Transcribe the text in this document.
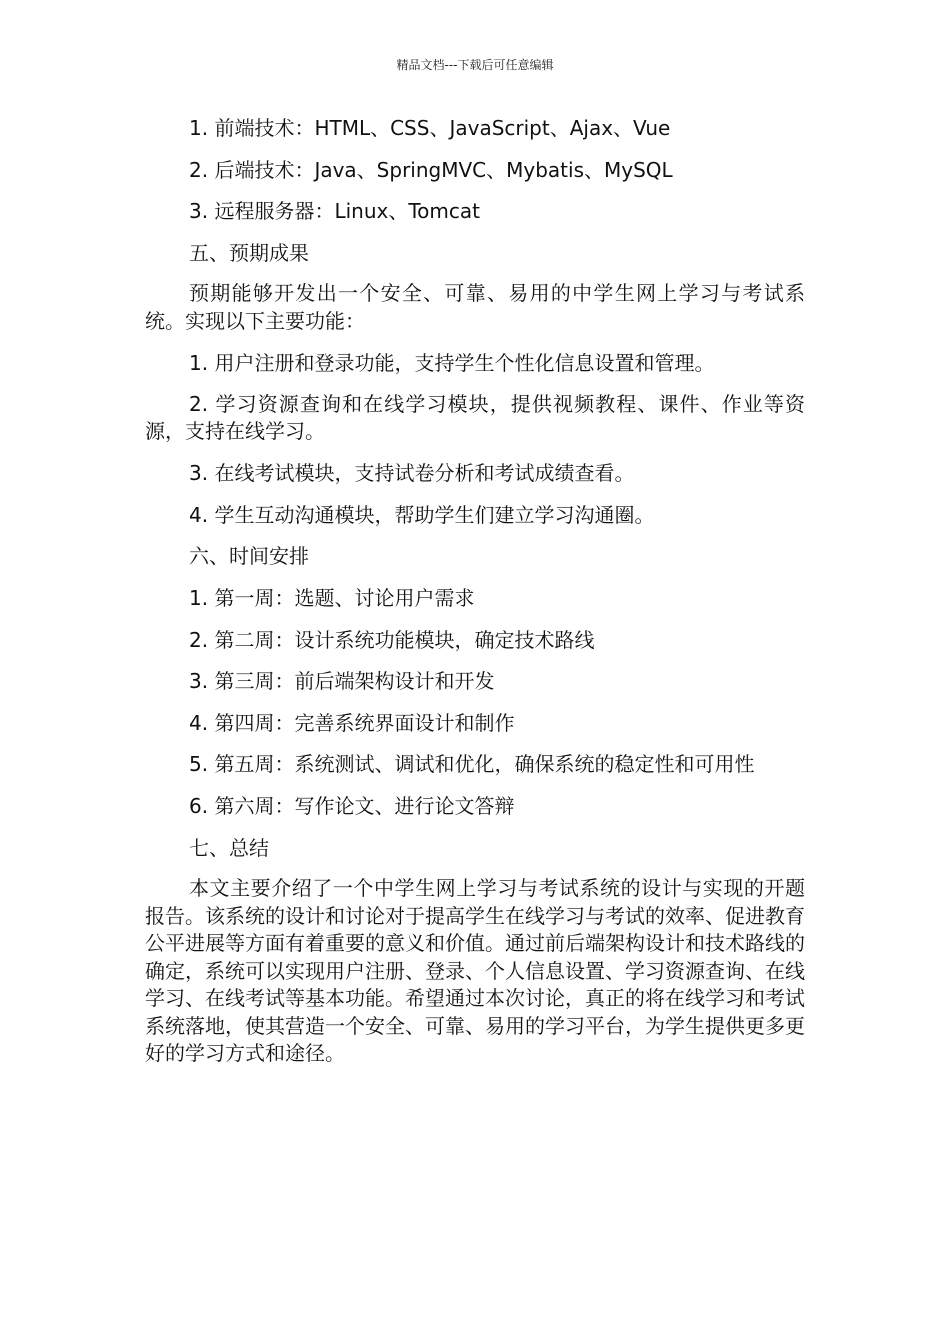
精品文档---下载后可任意编辑
1. 前端技术：HTML、CSS、JavaScript、Ajax、Vue
2. 后端技术：Java、SpringMVC、Mybatis、MySQL
3. 远程服务器：Linux、Tomcat
五、预期成果
预期能够开发出一个安全、可靠、易用的中学生网上学习与考试系统。实现以下主要功能：
1. 用户注册和登录功能，支持学生个性化信息设置和管理。
2. 学习资源查询和在线学习模块，提供视频教程、课件、作业等资源，支持在线学习。
3. 在线考试模块，支持试卷分析和考试成绩查看。
4. 学生互动沟通模块，帮助学生们建立学习沟通圈。
六、时间安排
1. 第一周：选题、讨论用户需求
2. 第二周：设计系统功能模块，确定技术路线
3. 第三周：前后端架构设计和开发
4. 第四周：完善系统界面设计和制作
5. 第五周：系统测试、调试和优化，确保系统的稳定性和可用性
6. 第六周：写作论文、进行论文答辩
七、总结
本文主要介绍了一个中学生网上学习与考试系统的设计与实现的开题报告。该系统的设计和讨论对于提高学生在线学习与考试的效率、促进教育公平进展等方面有着重要的意义和价值。通过前后端架构设计和技术路线的确定，系统可以实现用户注册、登录、个人信息设置、学习资源查询、在线学习、在线考试等基本功能。希望通过本次讨论，真正的将在线学习和考试系统落地，使其营造一个安全、可靠、易用的学习平台，为学生提供更多更好的学习方式和途径。
